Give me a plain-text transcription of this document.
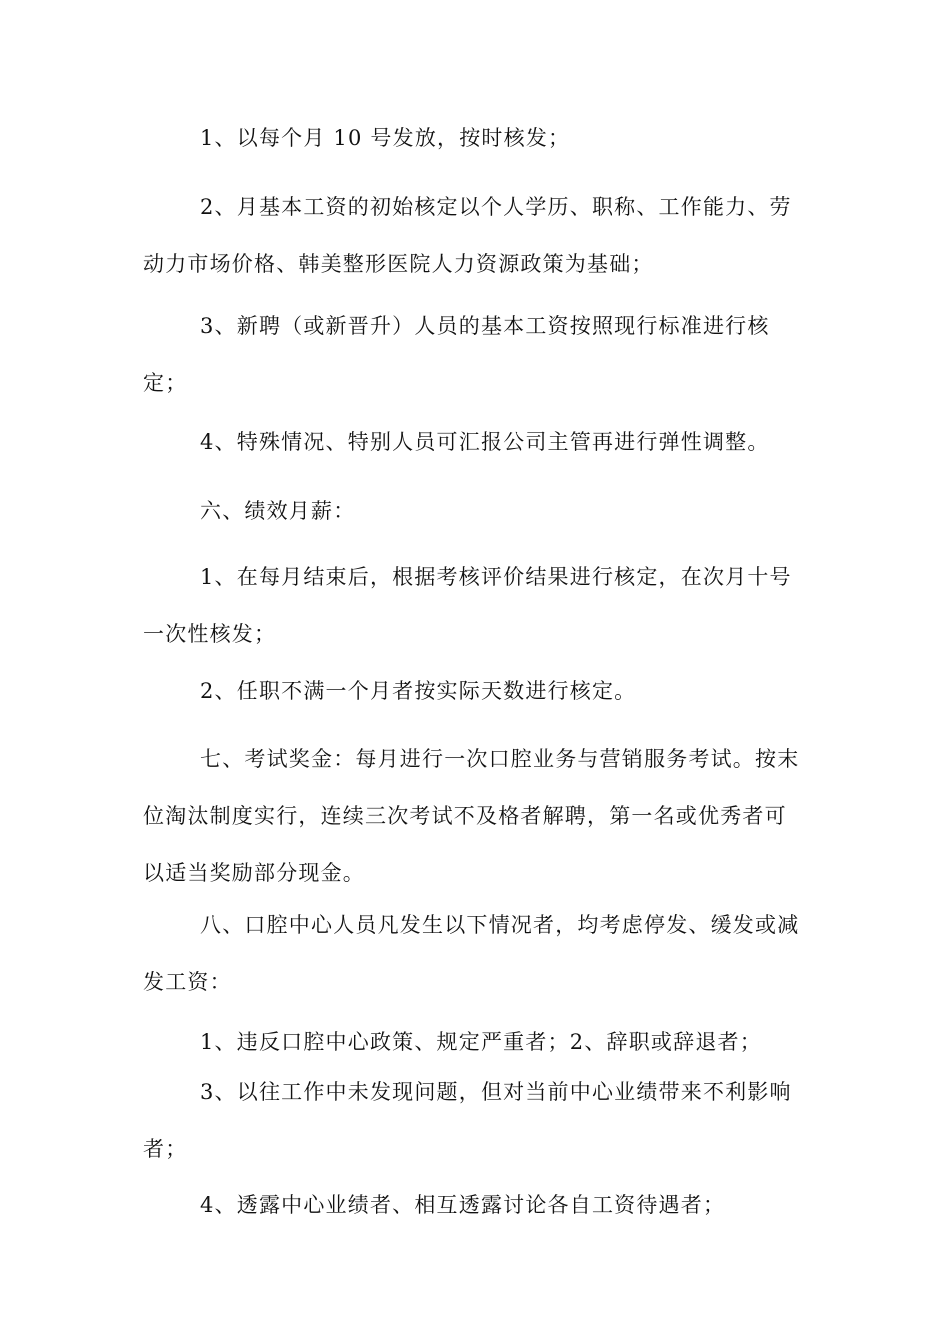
1、以每个月 10 号发放，按时核发；

2、月基本工资的初始核定以个人学历、职称、工作能力、劳动力市场价格、韩美整形医院人力资源政策为基础；

3、新聘（或新晋升）人员的基本工资按照现行标准进行核定；

4、特殊情况、特别人员可汇报公司主管再进行弹性调整。

六、绩效月薪：

1、在每月结束后，根据考核评价结果进行核定，在次月十号一次性核发；

2、任职不满一个月者按实际天数进行核定。

七、考试奖金：每月进行一次口腔业务与营销服务考试。按末位淘汰制度实行，连续三次考试不及格者解聘，第一名或优秀者可以适当奖励部分现金。

八、口腔中心人员凡发生以下情况者，均考虑停发、缓发或减发工资：

1、违反口腔中心政策、规定严重者；2、辞职或辞退者；

3、以往工作中未发现问题，但对当前中心业绩带来不利影响者；

4、透露中心业绩者、相互透露讨论各自工资待遇者；
